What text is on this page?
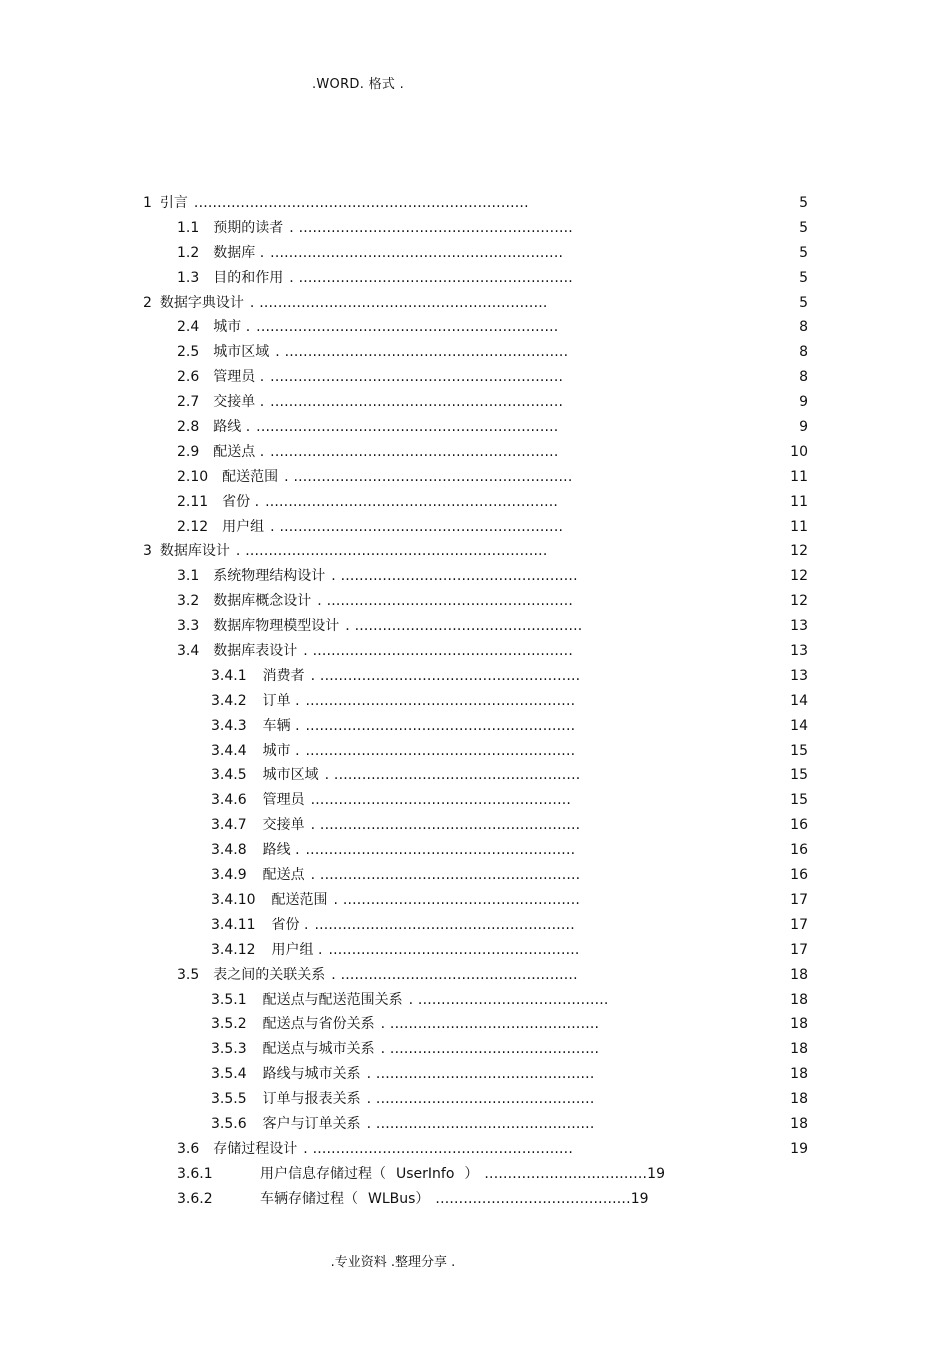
.WORD. 格式 .
1 引言 ........................................................................	5
1.1 预期的读者 . ...........................................................	5
1.2 数据库 . ...............................................................	5
1.3 目的和作用 . ...........................................................	5
2 数据字典设计 . ..............................................................	5
2.4 城市 . .................................................................	8
2.5 城市区域 . .............................................................	8
2.6 管理员 . ...............................................................	8
2.7 交接单 . ...............................................................	9
2.8 路线 . .................................................................	9
2.9 配送点 . ..............................................................	10
2.10 配送范围 . ............................................................	11
2.11 省份 . ...............................................................	11
2.12 用户组 . .............................................................	11
3 数据库设计 . .................................................................	12
3.1 系统物理结构设计 . ...................................................	12
3.2 数据库概念设计 . .....................................................	12
3.3 数据库物理模型设计 . .................................................	13
3.4 数据库表设计 . ........................................................	13
3.4.1 消费者 . ........................................................	13
3.4.2 订单 . ..........................................................	14
3.4.3 车辆 . ..........................................................	14
3.4.4 城市 . ..........................................................	15
3.4.5 城市区域 . .....................................................	15
3.4.6 管理员 ........................................................	15
3.4.7 交接单 . ........................................................	16
3.4.8 路线 . ..........................................................	16
3.4.9 配送点 . ........................................................	16
3.4.10 配送范围 . ...................................................	17
3.4.11 省份 . ........................................................	17
3.4.12 用户组 . ......................................................	17
3.5 表之间的关联关系 . ...................................................	18
3.5.1 配送点与配送范围关系 . .........................................	18
3.5.2 配送点与省份关系 . .............................................	18
3.5.3 配送点与城市关系 . .............................................	18
3.5.4 路线与城市关系 . ...............................................	18
3.5.5 订单与报表关系 . ...............................................	18
3.5.6 客户与订单关系 . ...............................................	18
3.6 存储过程设计 . ........................................................	19
3.6.1	用户信息存储过程（ UserInfo ） ...................................19
3.6.2	车辆存储过程（ WLBus） ..........................................19
.专业资料 .整理分享 .
